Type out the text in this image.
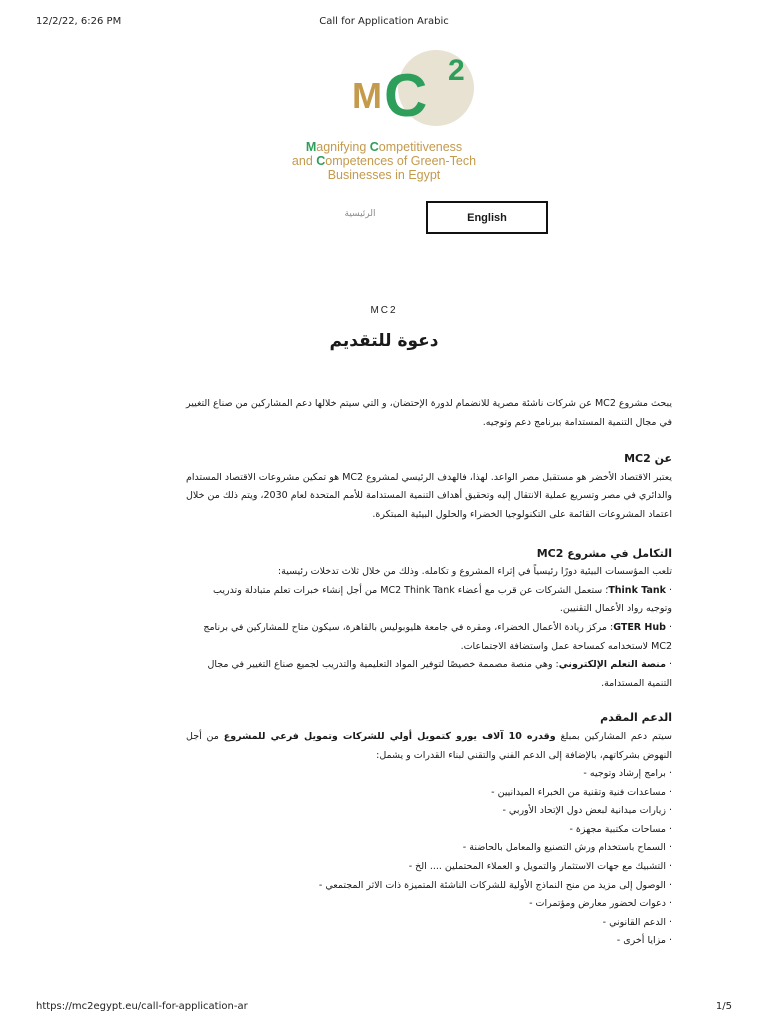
12/2/22, 6:26 PM	Call for Application Arabic
M C 2
Magnifying Competitiveness
and Competences of Green-Tech
Businesses in Egypt
الرئيسية	English
MC2
دعوة للتقديم

يبحث مشروع MC2 عن شركات ناشئة مصرية للانضمام لدورة الإحتضان، و التي سيتم خلالها دعم المشاركين من صناع التغيير في مجال التنمية المستدامة ببرنامج دعم وتوجيه.

عن MC2

يعتبر الاقتصاد الأخضر هو مستقبل مصر الواعد. لهذا، فالهدف الرئيسي لمشروع MC2 هو تمكين مشروعات الاقتصاد المستدام والدائري في مصر وتسريع عملية الانتقال إليه وتحقيق أهداف التنمية المستدامة للأمم المتحدة لعام 2030، ويتم ذلك من خلال اعتماد المشروعات القائمة على التكنولوجيا الخضراء والحلول البيئية المبتكرة.

التكامل في مشروع MC2

تلعب المؤسسات البيئية دورًا رئيسياً في إثراء المشروع و تكامله. وذلك من خلال ثلاث تدخلات رئيسية:

· Think Tank؛ ستعمل الشركات عن قرب مع أعضاء MC2 Think Tank من أجل إنشاء خبرات تعلم متبادلة وتدريب وتوجيه رواد الأعمال التقنيين.
· GTER Hub: مركز ريادة الأعمال الخضراء، ومقره في جامعة هليوبوليس بالقاهرة، سيكون متاح للمشاركين في برنامج MC2 لاستخدامه كمساحة عمل واستضافة الاجتماعات.
· منصة التعلم الإلكتروني: وهي منصة مصممة خصيصًا لتوفير المواد التعليمية والتدريب لجميع صناع التغيير في مجال التنمية المستدامة.
الدعم المقدم

سيتم دعم المشاركين بمبلغ وقدره 10 آلاف يورو كتمويل أولي للشركات وتمويل فرعي للمشروع من أجل النهوض بشركاتهم، بالإضافة إلى الدعم الفني والتقني لبناء القدرات و يشمل:

· برامج إرشاد وتوجيه -
· مساعدات فنية وتقنية من الخبراء الميدانيين -
· زيارات ميدانية لبعض دول الإتحاد الأوربي -
· مساحات مكتبية مجهزة -
· السماح باستخدام ورش التصنيع والمعامل بالحاضنة -
· التشبيك مع جهات الاستثمار والتمويل و العملاء المحتملين .... الخ -
· الوصول إلى مزيد من منح النماذج الأولية للشركات الناشئة المتميزة ذات الاثر المجتمعي -
· دعوات لحضور معارض ومؤتمرات -
· الدعم القانوني -
· مزايا أخرى -
https://mc2egypt.eu/call-for-application-ar	1/5
